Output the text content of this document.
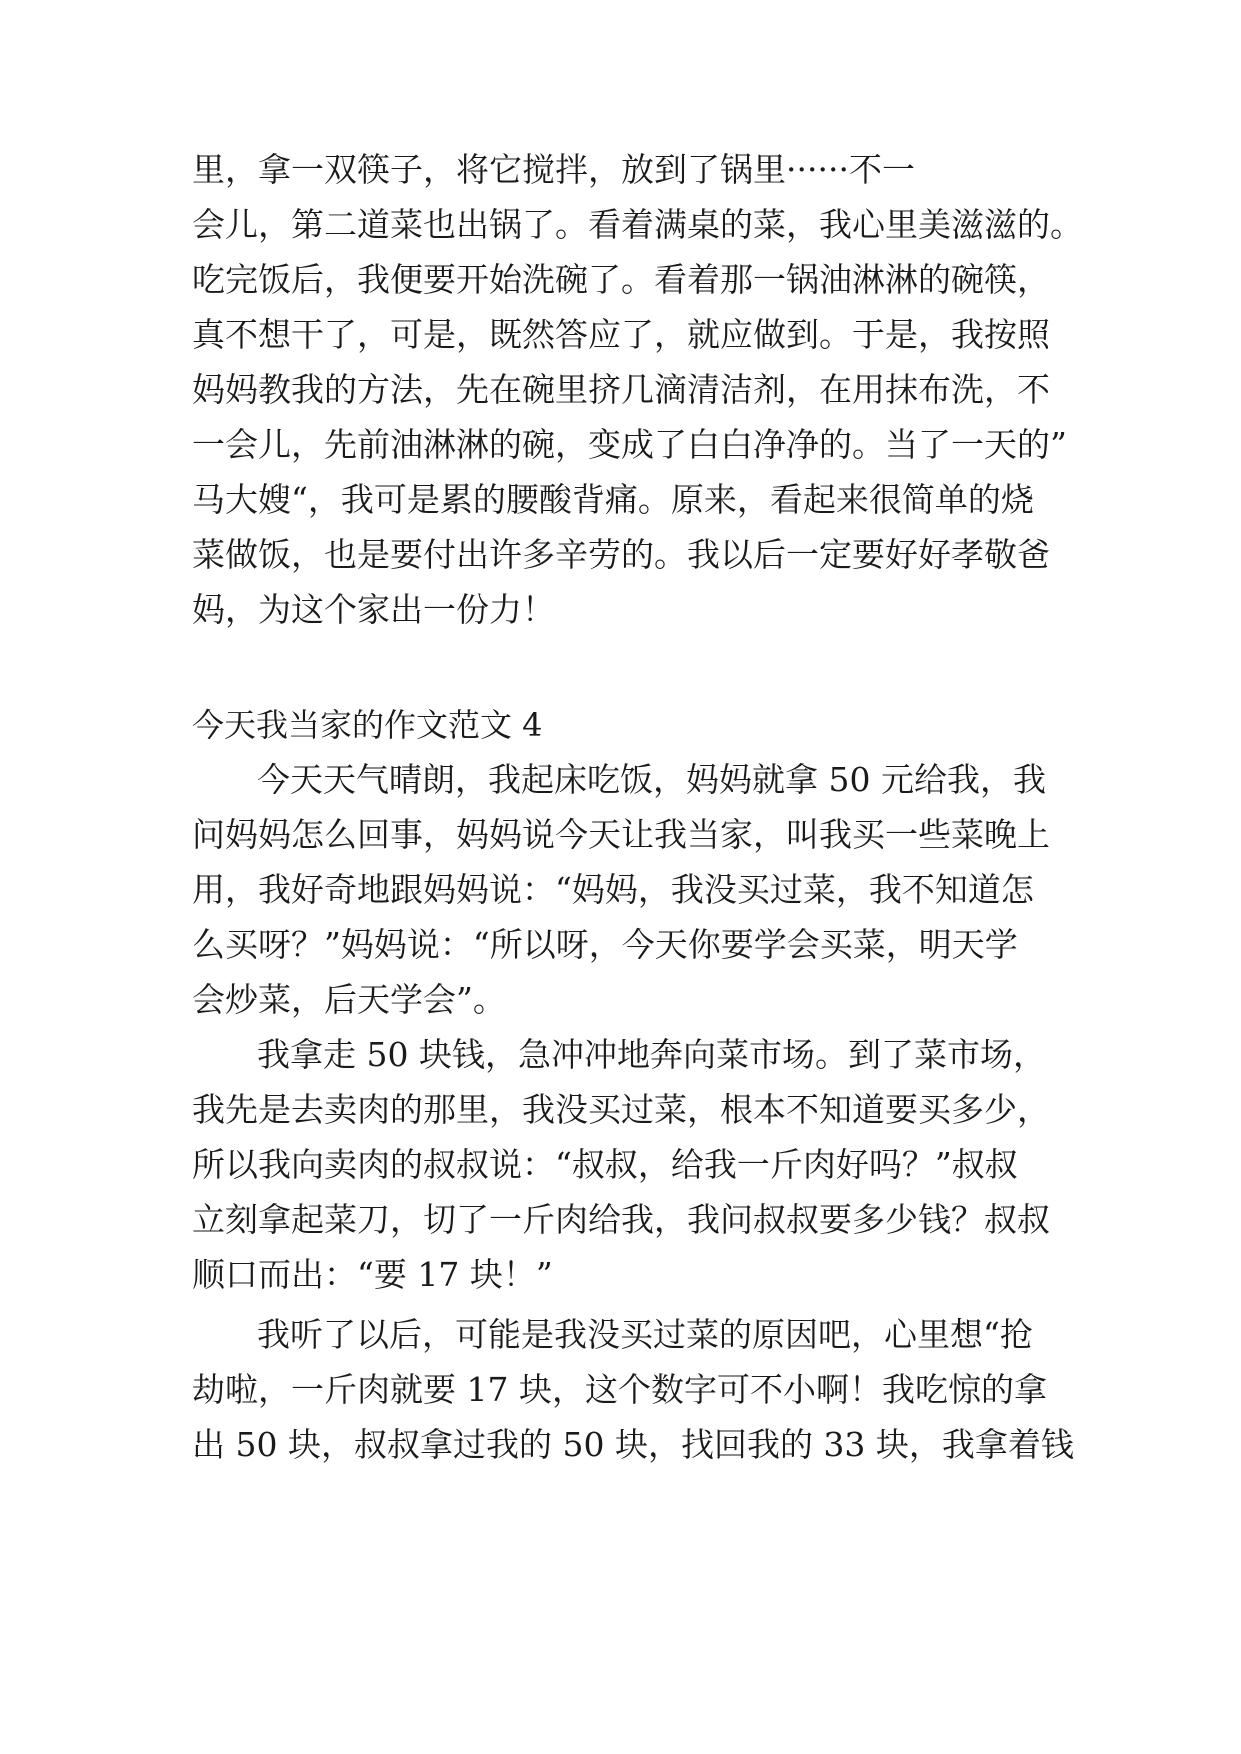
里，拿一双筷子，将它搅拌，放到了锅里······不一
会儿，第二道菜也出锅了。看着满桌的菜，我心里美滋滋的。
吃完饭后，我便要开始洗碗了。看着那一锅油淋淋的碗筷，
真不想干了，可是，既然答应了，就应做到。于是，我按照
妈妈教我的方法，先在碗里挤几滴清洁剂，在用抹布洗，不
一会儿，先前油淋淋的碗，变成了白白净净的。当了一天的”
马大嫂“，我可是累的腰酸背痛。原来，看起来很简单的烧
菜做饭，也是要付出许多辛劳的。我以后一定要好好孝敬爸
妈，为这个家出一份力！
今天我当家的作文范文 4
今天天气晴朗，我起床吃饭，妈妈就拿 50 元给我，我
问妈妈怎么回事，妈妈说今天让我当家，叫我买一些菜晚上
用，我好奇地跟妈妈说：“妈妈，我没买过菜，我不知道怎
么买呀？”妈妈说：“所以呀，今天你要学会买菜，明天学
会炒菜，后天学会”。
我拿走 50 块钱，急冲冲地奔向菜市场。到了菜市场，
我先是去卖肉的那里，我没买过菜，根本不知道要买多少，
所以我向卖肉的叔叔说：“叔叔，给我一斤肉好吗？”叔叔
立刻拿起菜刀，切了一斤肉给我，我问叔叔要多少钱？叔叔
顺口而出：“要 17 块！”
我听了以后，可能是我没买过菜的原因吧，心里想“抢
劫啦，一斤肉就要 17 块，这个数字可不小啊！我吃惊的拿
出 50 块，叔叔拿过我的 50 块，找回我的 33 块，我拿着钱
